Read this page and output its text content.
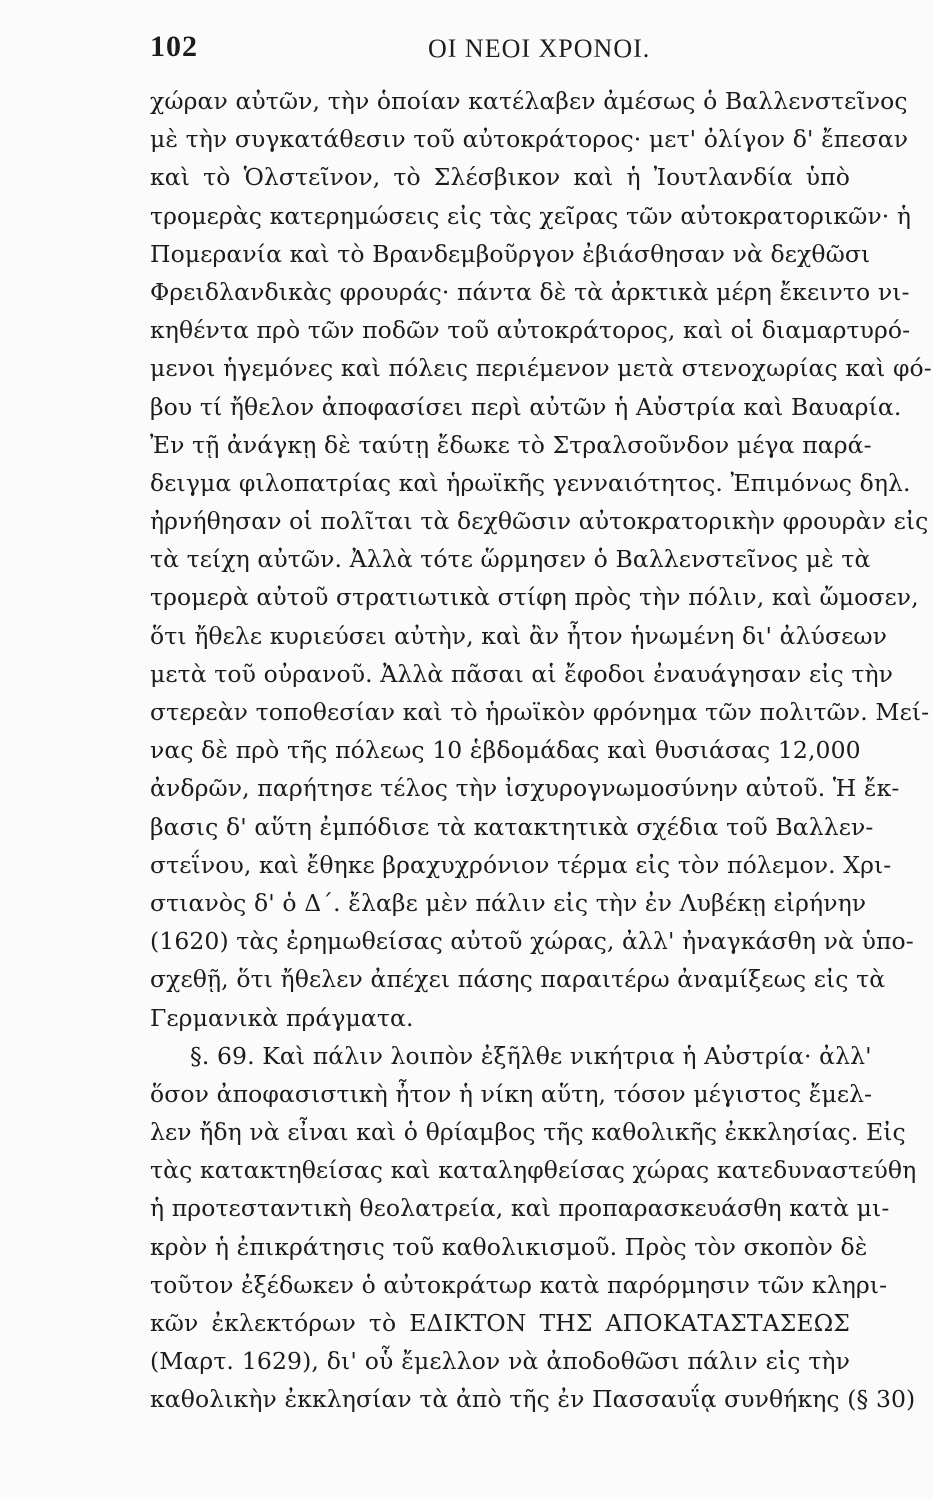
102	ΟΙ ΝΕΟΙ ΧΡΟΝΟΙ.
χώραν αὐτῶν, τὴν ὁποίαν κατέλαβεν ἀμέσως ὁ Βαλλενστεῖνος
μὲ τὴν συγκατάθεσιν τοῦ αὐτοκράτορος· μετ' ὀλίγον δ' ἔπεσαν
καὶ τὸ Ὁλστεῖνον, τὸ Σλέσβικον καὶ ἡ Ἰουτλανδία ὑπὸ
τρομερὰς κατερημώσεις εἰς τὰς χεῖρας τῶν αὐτοκρατορικῶν· ἡ
Πομερανία καὶ τὸ Βρανδεμβοῦργον ἐβιάσθησαν νὰ δεχθῶσι
Φρειδλανδικὰς φρουράς· πάντα δὲ τὰ ἀρκτικὰ μέρη ἔκειντο νι-
κηθέντα πρὸ τῶν ποδῶν τοῦ αὐτοκράτορος, καὶ οἱ διαμαρτυρό-
μενοι ἡγεμόνες καὶ πόλεις περιέμενον μετὰ στενοχωρίας καὶ φό-
βου τί ἤθελον ἀποφασίσει περὶ αὐτῶν ἡ Αὐστρία καὶ Βαυαρία.
Ἐν τῇ ἀνάγκῃ δὲ ταύτῃ ἔδωκε τὸ Στραλσοῦνδον μέγα παρά-
δειγμα φιλοπατρίας καὶ ἡρωϊκῆς γενναιότητος. Ἐπιμόνως δηλ.
ἠρνήθησαν οἱ πολῖται τὰ δεχθῶσιν αὐτοκρατορικὴν φρουρὰν εἰς
τὰ τείχη αὐτῶν. Ἀλλὰ τότε ὥρμησεν ὁ Βαλλενστεῖνος μὲ τὰ
τρομερὰ αὐτοῦ στρατιωτικὰ στίφη πρὸς τὴν πόλιν, καὶ ὤμοσεν,
ὅτι ἤθελε κυριεύσει αὐτὴν, καὶ ἂν ἦτον ἡνωμένη δι' ἀλύσεων
μετὰ τοῦ οὐρανοῦ. Ἀλλὰ πᾶσαι αἱ ἔφοδοι ἐναυάγησαν εἰς τὴν
στερεὰν τοποθεσίαν καὶ τὸ ἡρωϊκὸν φρόνημα τῶν πολιτῶν. Μεί-
νας δὲ πρὸ τῆς πόλεως 10 ἑβδομάδας καὶ θυσιάσας 12,000
ἀνδρῶν, παρήτησε τέλος τὴν ἰσχυρογνωμοσύνην αὐτοῦ. Ἡ ἔκ-
βασις δ' αὕτη ἐμπόδισε τὰ κατακτητικὰ σχέδια τοῦ Βαλλεν-
στεΐνου, καὶ ἔθηκε βραχυχρόνιον τέρμα εἰς τὸν πόλεμον. Χρι-
στιανὸς δ' ὁ Δ΄. ἔλαβε μὲν πάλιν εἰς τὴν ἐν Λυβέκῃ εἰρήνην
(1620) τὰς ἐρημωθείσας αὐτοῦ χώρας, ἀλλ' ἠναγκάσθη νὰ ὑπο-
σχεθῇ, ὅτι ἤθελεν ἀπέχει πάσης παραιτέρω ἀναμίξεως εἰς τὰ
Γερμανικὰ πράγματα.
§. 69. Καὶ πάλιν λοιπὸν ἐξῆλθε νικήτρια ἡ Αὐστρία· ἀλλ'
ὅσον ἀποφασιστικὴ ἦτον ἡ νίκη αὕτη, τόσον μέγιστος ἔμελ-
λεν ἤδη νὰ εἶναι καὶ ὁ θρίαμβος τῆς καθολικῆς ἐκκλησίας. Εἰς
τὰς κατακτηθείσας καὶ καταληφθείσας χώρας κατεδυναστεύθη
ἡ προτεσταντικὴ θεολατρεία, καὶ προπαρασκευάσθη κατὰ μι-
κρὸν ἡ ἐπικράτησις τοῦ καθολικισμοῦ. Πρὸς τὸν σκοπὸν δὲ
τοῦτον ἐξέδωκεν ὁ αὐτοκράτωρ κατὰ παρόρμησιν τῶν κληρι-
κῶν ἐκλεκτόρων τὸ ΕΔΙΚΤΟΝ ΤΗΣ ΑΠΟΚΑΤΑΣΤΑΣΕΩΣ
(Μαρτ. 1629), δι' οὗ ἔμελλον νὰ ἀποδοθῶσι πάλιν εἰς τὴν
καθολικὴν ἐκκλησίαν τὰ ἀπὸ τῆς ἐν Πασσαυΐᾳ συνθήκης (§ 30)
